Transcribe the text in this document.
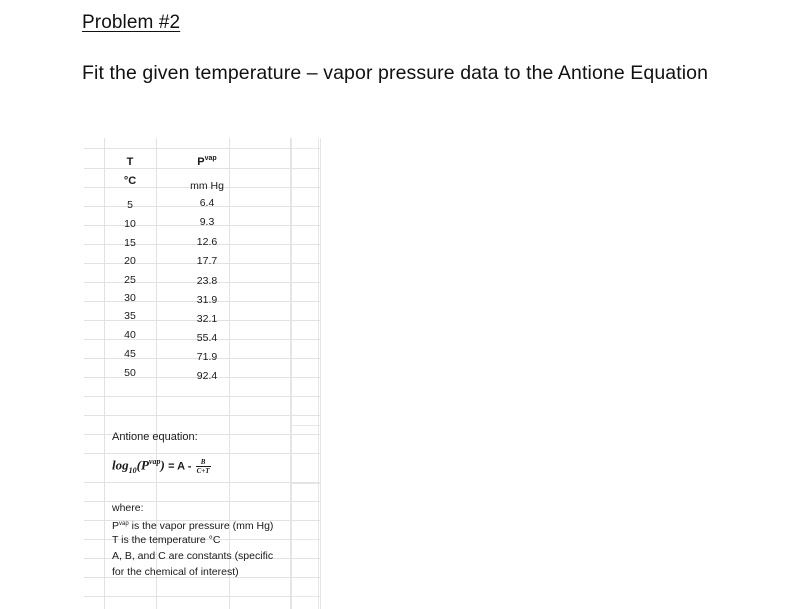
Problem #2
Fit the given temperature – vapor pressure data to the Antione Equation
T	$P^{vap}$
°C	mm Hg
5	6.4
10	9.3
15	12.6
20	17.7
25	23.8
30	31.9
35	32.1
40	55.4
45	71.9
50	92.4
Antione equation:
$\log_{10}(P^{vap}) = A - \frac{B}{C+T}$
where:
$P^{vap}$ is the vapor pressure (mm Hg)
T is the temperature °C
A, B, and C are constants (specific
for the chemical of interest)
